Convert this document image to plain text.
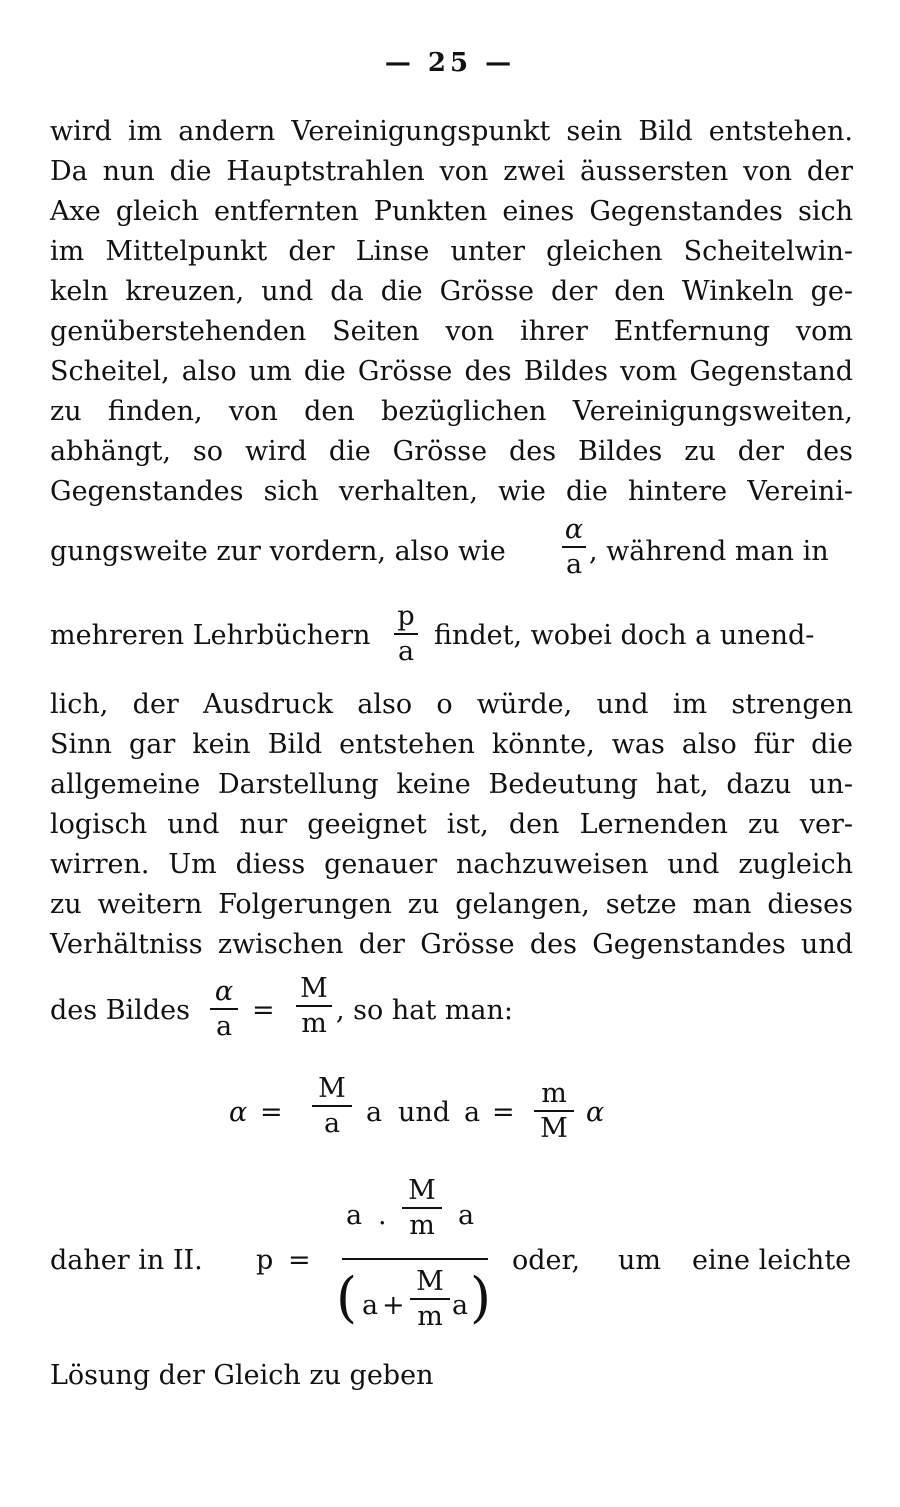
— 25 —
wird im andern Vereinigungspunkt sein Bild entstehen.
Da nun die Hauptstrahlen von zwei äussersten von der
Axe gleich entfernten Punkten eines Gegenstandes sich
im Mittelpunkt der Linse unter gleichen Scheitelwin-
keln kreuzen, und da die Grösse der den Winkeln ge-
genüberstehenden Seiten von ihrer Entfernung vom
Scheitel, also um die Grösse des Bildes vom Gegenstand
zu finden, von den bezüglichen Vereinigungsweiten,
abhängt, so wird die Grösse des Bildes zu der des
Gegenstandes sich verhalten, wie die hintere Vereini-
gungsweite zur vordern, also wie
α
a , während man in
mehreren Lehrbüchern
p
a
findet, wobei doch a unend-
lich, der Ausdruck also o würde, und im strengen
Sinn gar kein Bild entstehen könnte, was also für die
allgemeine Darstellung keine Bedeutung hat, dazu un-
logisch und nur geeignet ist, den Lernenden zu ver-
wirren. Um diess genauer nachzuweisen und zugleich
zu weitern Folgerungen zu gelangen, setze man dieses
Verhältniss zwischen der Grösse des Gegenstandes und
des Bildes
α
a
=
M
m , so hat man:
α =
M
a a und a =
m
M
α
daher in II. p =
a .
M
m a
( a +
M
m a )
oder, um eine leichte
Lösung der Gleich zu geben
